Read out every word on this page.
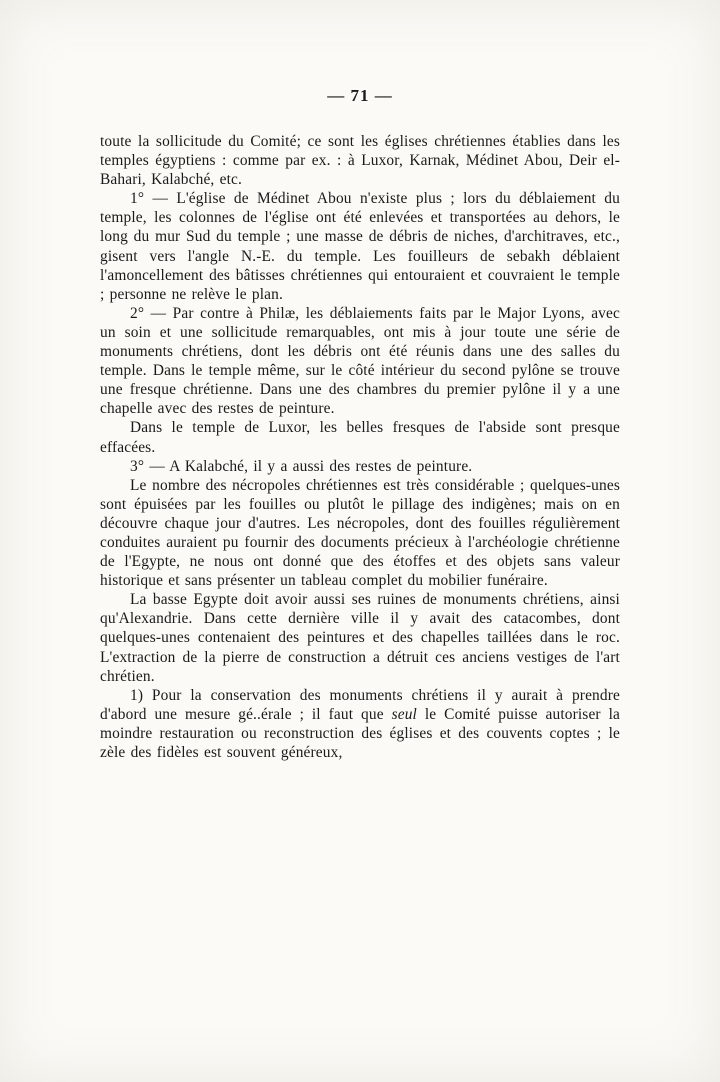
— 71 —

toute la sollicitude du Comité; ce sont les églises chrétiennes établies dans les temples égyptiens : comme par ex. : à Luxor, Karnak, Médinet Abou, Deir el-Bahari, Kalabché, etc.

1° — L'église de Médinet Abou n'existe plus ; lors du déblaiement du temple, les colonnes de l'église ont été enlevées et transportées au dehors, le long du mur Sud du temple ; une masse de débris de niches, d'architraves, etc., gisent vers l'angle N.-E. du temple. Les fouilleurs de sebakh déblaient l'amoncellement des bâtisses chrétiennes qui entouraient et couvraient le temple ; personne ne relève le plan.

2° — Par contre à Philæ, les déblaiements faits par le Major Lyons, avec un soin et une sollicitude remarquables, ont mis à jour toute une série de monuments chrétiens, dont les débris ont été réunis dans une des salles du temple. Dans le temple même, sur le côté intérieur du second pylône se trouve une fresque chrétienne. Dans une des chambres du premier pylône il y a une chapelle avec des restes de peinture.

Dans le temple de Luxor, les belles fresques de l'abside sont presque effacées.

3° — A Kalabché, il y a aussi des restes de peinture.

Le nombre des nécropoles chrétiennes est très considérable ; quelques-unes sont épuisées par les fouilles ou plutôt le pillage des indigènes; mais on en découvre chaque jour d'autres. Les nécropoles, dont des fouilles régulièrement conduites auraient pu fournir des documents précieux à l'archéologie chrétienne de l'Egypte, ne nous ont donné que des étoffes et des objets sans valeur historique et sans présenter un tableau complet du mobilier funéraire.

La basse Egypte doit avoir aussi ses ruines de monuments chrétiens, ainsi qu'Alexandrie. Dans cette dernière ville il y avait des catacombes, dont quelques-unes contenaient des peintures et des chapelles taillées dans le roc. L'extraction de la pierre de construction a détruit ces anciens vestiges de l'art chrétien.

1) Pour la conservation des monuments chrétiens il y aurait à prendre d'abord une mesure gé..érale ; il faut que seul le Comité puisse autoriser la moindre restauration ou reconstruction des églises et des couvents coptes ; le zèle des fidèles est souvent généreux,
